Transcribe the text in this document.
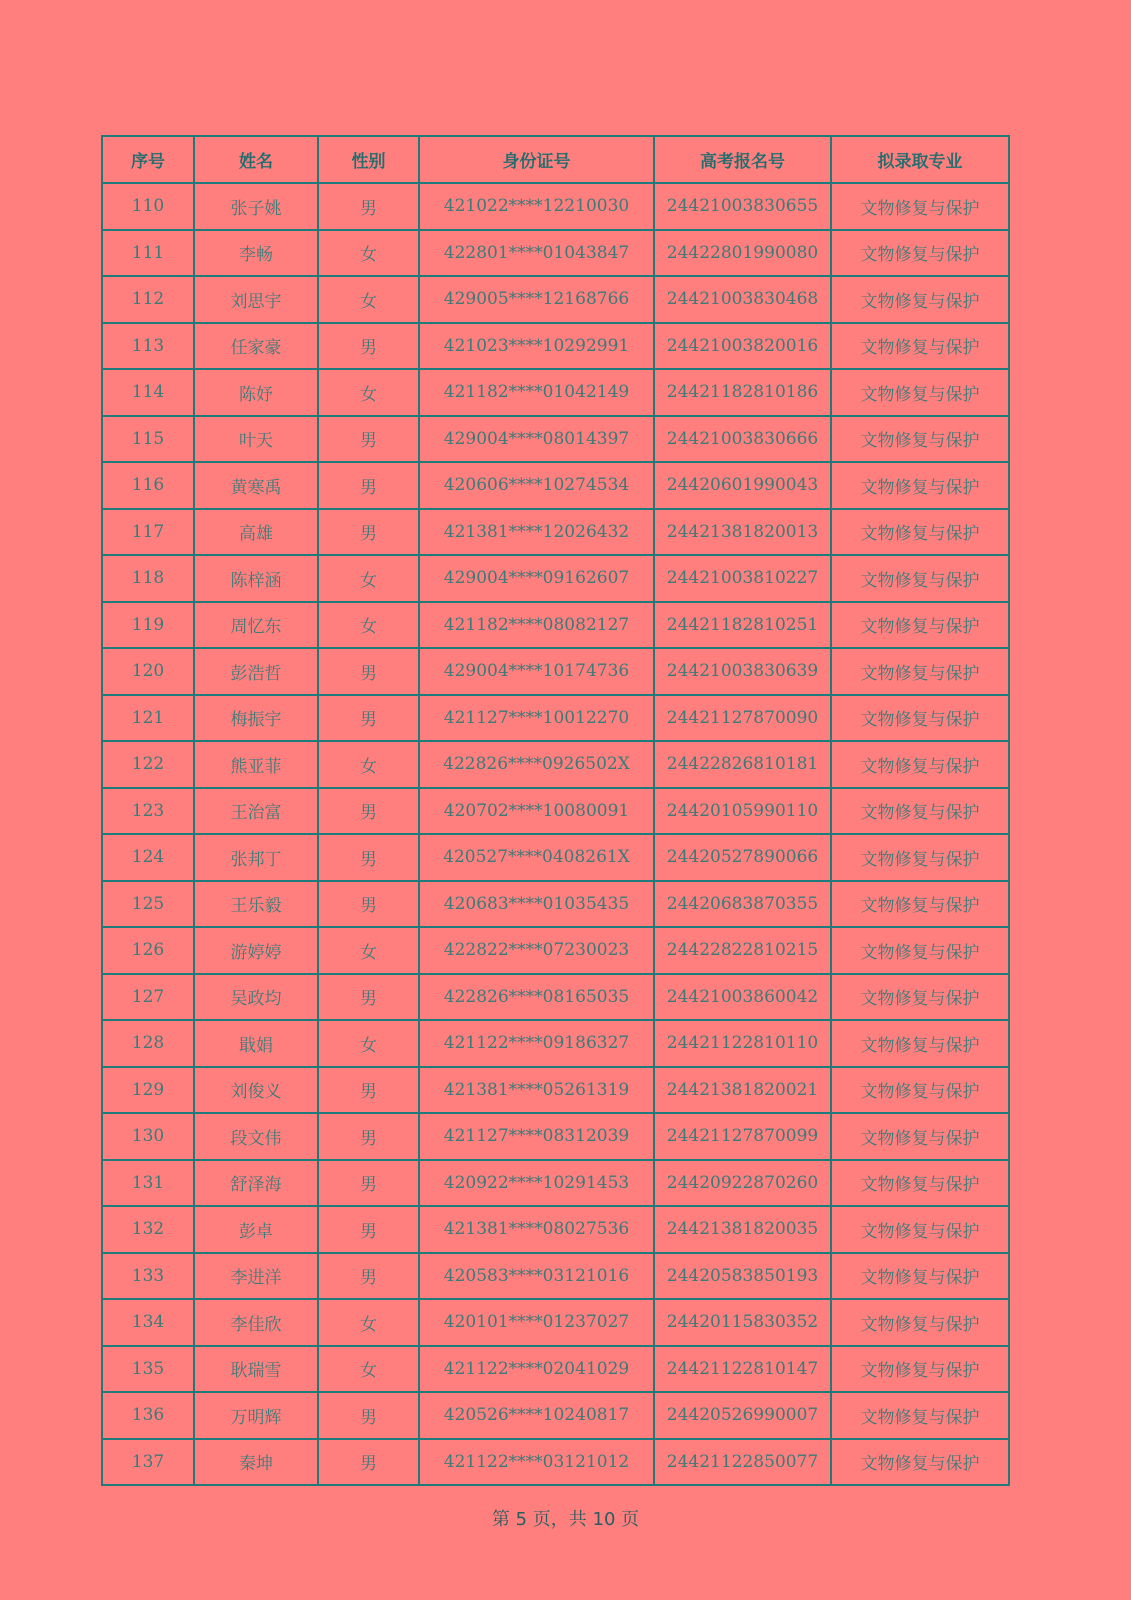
序号	姓名	性别	身份证号	高考报名号	拟录取专业
110	张子姚	男	421022****12210030	24421003830655	文物修复与保护
111	李畅	女	422801****01043847	24422801990080	文物修复与保护
112	刘思宇	女	429005****12168766	24421003830468	文物修复与保护
113	任家豪	男	421023****10292991	24421003820016	文物修复与保护
114	陈妤	女	421182****01042149	24421182810186	文物修复与保护
115	叶天	男	429004****08014397	24421003830666	文物修复与保护
116	黄寒禹	男	420606****10274534	24420601990043	文物修复与保护
117	高雄	男	421381****12026432	24421381820013	文物修复与保护
118	陈梓涵	女	429004****09162607	24421003810227	文物修复与保护
119	周忆东	女	421182****08082127	24421182810251	文物修复与保护
120	彭浩哲	男	429004****10174736	24421003830639	文物修复与保护
121	梅振宇	男	421127****10012270	24421127870090	文物修复与保护
122	熊亚菲	女	422826****0926502X	24422826810181	文物修复与保护
123	王治富	男	420702****10080091	24420105990110	文物修复与保护
124	张邦丁	男	420527****0408261X	24420527890066	文物修复与保护
125	王乐毅	男	420683****01035435	24420683870355	文物修复与保护
126	游婷婷	女	422822****07230023	24422822810215	文物修复与保护
127	吴政均	男	422826****08165035	24421003860042	文物修复与保护
128	戢娟	女	421122****09186327	24421122810110	文物修复与保护
129	刘俊义	男	421381****05261319	24421381820021	文物修复与保护
130	段文伟	男	421127****08312039	24421127870099	文物修复与保护
131	舒泽海	男	420922****10291453	24420922870260	文物修复与保护
132	彭卓	男	421381****08027536	24421381820035	文物修复与保护
133	李进洋	男	420583****03121016	24420583850193	文物修复与保护
134	李佳欣	女	420101****01237027	24420115830352	文物修复与保护
135	耿瑞雪	女	421122****02041029	24421122810147	文物修复与保护
136	万明辉	男	420526****10240817	24420526990007	文物修复与保护
137	秦坤	男	421122****03121012	24421122850077	文物修复与保护
第 5 页，共 10 页
